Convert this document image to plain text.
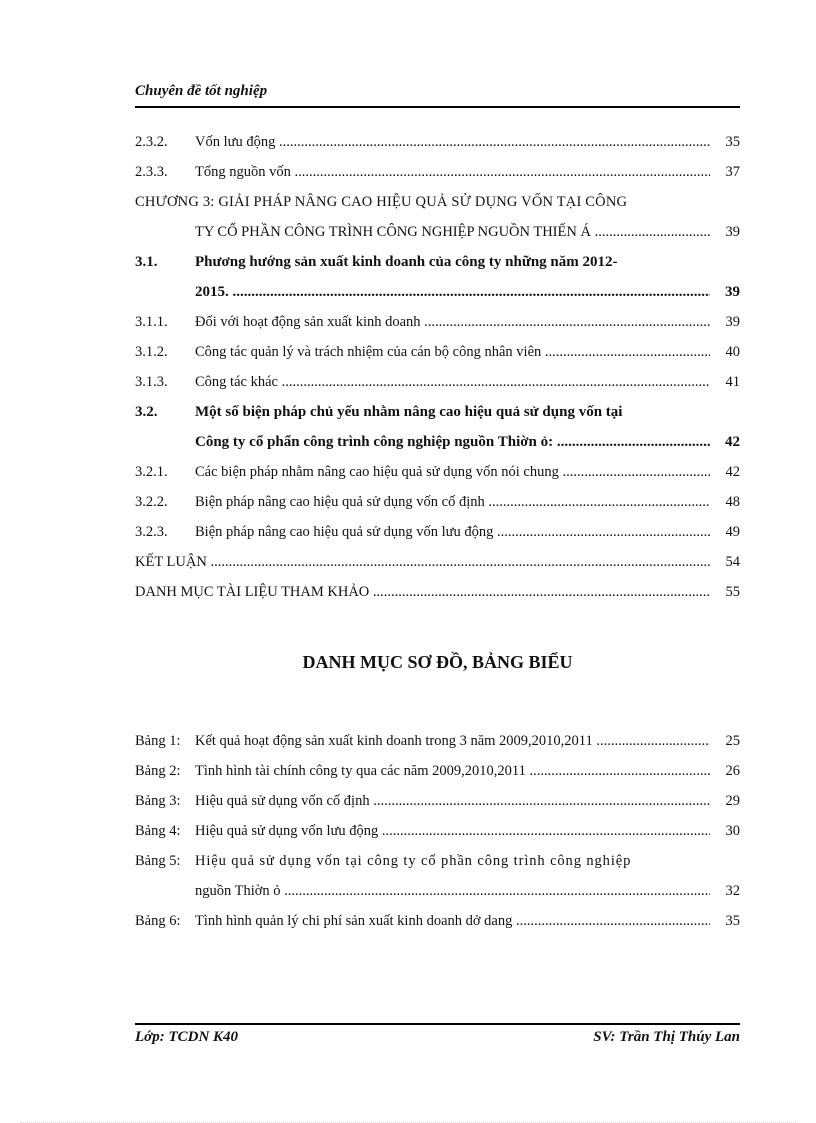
Chuyên đề tốt nghiệp
2.3.2. Vốn lưu động .....	35
2.3.3. Tổng nguồn vốn .....	37
CHƯƠNG 3: GIẢI PHÁP NÂNG CAO HIỆU QUẢ SỬ DỤNG VỐN TẠI CÔNG
TY CỔ PHẦN CÔNG TRÌNH CÔNG NGHIỆP NGUỒN THIẾN Á .....	39
3.1.	Phương hướng sản xuất kinh doanh của công ty những năm 2012-
2015. .....	39
3.1.1. Đối với hoạt động sản xuất kinh doanh .....	39
3.1.2. Công tác quản lý và trách nhiệm của cán bộ công nhân viên .....	40
3.1.3. Công tác khác .....	41
3.2.	Một số biện pháp chủ yếu nhằm nâng cao hiệu quả sử dụng vốn tại
Công ty cổ phẩn công trình công nghiệp nguồn Thiờn ỏ: .....	42
3.2.1. Các biện pháp nhằm nâng cao hiệu quả sử dụng vốn nói chung .....	42
3.2.2. Biện pháp nâng cao hiệu quả sử dụng vốn cố định .....	48
3.2.3. Biện pháp nâng cao hiệu quả sử dụng vốn lưu động .....	49
KẾT LUẬN .....	54
DANH MỤC TÀI LIỆU THAM KHẢO .....	55
DANH MỤC SƠ ĐỒ, BẢNG BIỂU
Bảng 1: Kết quả hoạt động sản xuất kinh doanh trong 3 năm 2009,2010,2011 .....	25
Bảng 2: Tình hình tài chính công ty qua các năm 2009,2010,2011 .....	26
Bảng 3: Hiệu quả sử dụng vốn cố định .....	29
Bảng 4: Hiệu quả sử dụng vốn lưu động .....	30
Bảng 5: Hiệu quả sử dụng vốn tại công ty cổ phần công trình công nghiệp
nguồn Thiờn ỏ .....	32
Bảng 6: Tình hình quản lý chi phí sản xuất kinh doanh dở dang .....	35
Lớp: TCDN K40	SV: Trần Thị Thúy Lan
